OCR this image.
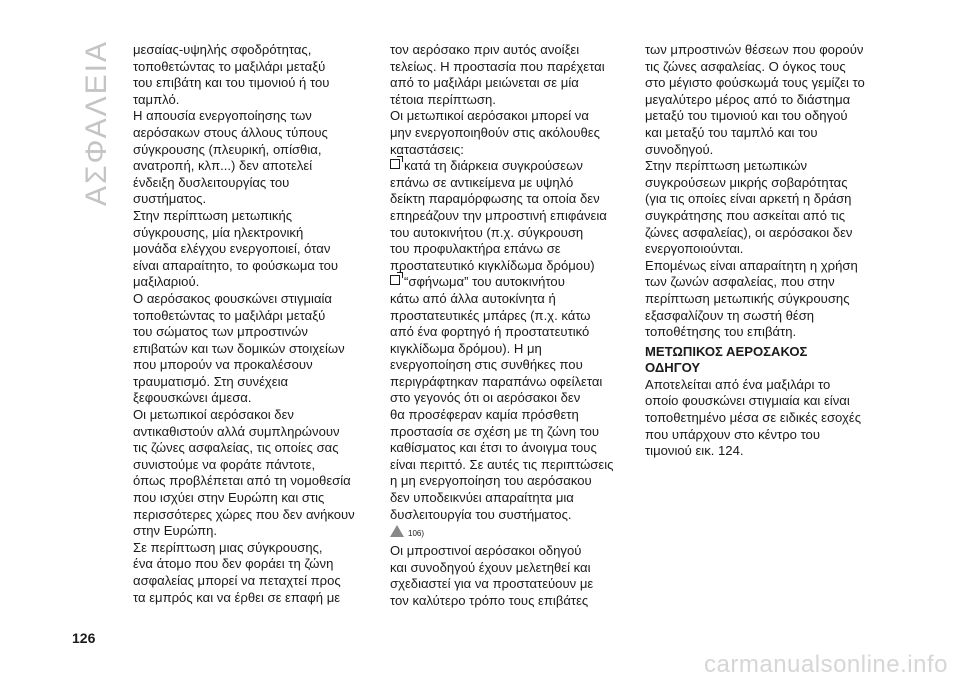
ΑΣΦΑΛΕΙΑ μεσαίας-υψηλής σφοδρότητας,

τοποθετώντας το μαξιλάρι μεταξύ

του επιβάτη και του τιμονιού ή του

ταμπλό.

Η απουσία ενεργοποίησης των

αερόσακων στους άλλους τύπους

σύγκρουσης (πλευρική, οπίσθια,

ανατροπή, κλπ...) δεν αποτελεί

ένδειξη δυσλειτουργίας του

συστήματος.

Στην περίπτωση μετωπικής

σύγκρουσης, μία ηλεκτρονική

μονάδα ελέγχου ενεργοποιεί, όταν

είναι απαραίτητο, το φούσκωμα του

μαξιλαριού.

Ο αερόσακος φουσκώνει στιγμιαία

τοποθετώντας το μαξιλάρι μεταξύ

του σώματος των μπροστινών

επιβατών και των δομικών στοιχείων

που μπορούν να προκαλέσουν

τραυματισμό. Στη συνέχεια

ξεφουσκώνει άμεσα.

Οι μετωπικοί αερόσακοι δεν

αντικαθιστούν αλλά συμπληρώνουν

τις ζώνες ασφαλείας, τις οποίες σας

συνιστούμε να φοράτε πάντοτε,

όπως προβλέπεται από τη νομοθεσία

που ισχύει στην Ευρώπη και στις

περισσότερες χώρες που δεν ανήκουν

στην Ευρώπη.

Σε περίπτωση μιας σύγκρουσης,

ένα άτομο που δεν φοράει τη ζώνη

ασφαλείας μπορεί να πεταχτεί προς

τα εμπρός και να έρθει σε επαφή με

τον αερόσακο πριν αυτός ανοίξει

τελείως. Η προστασία που παρέχεται

από το μαξιλάρι μειώνεται σε μία

τέτοια περίπτωση.

Οι μετωπικοί αερόσακοι μπορεί να

μην ενεργοποιηθούν στις ακόλουθες

καταστάσεις:

κατά τη διάρκεια συγκρούσεων

επάνω σε αντικείμενα με υψηλό

δείκτη παραμόρφωσης τα οποία δεν

επηρεάζουν την μπροστινή επιφάνεια

του αυτοκινήτου (π.χ. σύγκρουση

του προφυλακτήρα επάνω σε

προστατευτικό κιγκλίδωμα δρόμου)

“σφήνωμα” του αυτοκινήτου

κάτω από άλλα αυτοκίνητα ή

προστατευτικές μπάρες (π.χ. κάτω

από ένα φορτηγό ή προστατευτικό

κιγκλίδωμα δρόμου). Η μη

ενεργοποίηση στις συνθήκες που

περιγράφτηκαν παραπάνω οφείλεται

στο γεγονός ότι οι αερόσακοι δεν

θα προσέφεραν καμία πρόσθετη

προστασία σε σχέση με τη ζώνη του

καθίσματος και έτσι το άνοιγμα τους

είναι περιττό. Σε αυτές τις περιπτώσεις

η μη ενεργοποίηση του αερόσακου

δεν υποδεικνύει απαραίτητα μια

δυσλειτουργία του συστήματος.

106)

Οι μπροστινοί αερόσακοι οδηγού

και συνοδηγού έχουν μελετηθεί και

σχεδιαστεί για να προστατεύουν με

τον καλύτερο τρόπο τους επιβάτες

των μπροστινών θέσεων που φορούν

τις ζώνες ασφαλείας. Ο όγκος τους

στο μέγιστο φούσκωμά τους γεμίζει το

μεγαλύτερο μέρος από το διάστημα

μεταξύ του τιμονιού και του οδηγού

και μεταξύ του ταμπλό και του

συνοδηγού.

Στην περίπτωση μετωπικών

συγκρούσεων μικρής σοβαρότητας

(για τις οποίες είναι αρκετή η δράση

συγκράτησης που ασκείται από τις

ζώνες ασφαλείας), οι αερόσακοι δεν

ενεργοποιούνται.

Επομένως είναι απαραίτητη η χρήση

των ζωνών ασφαλείας, που στην

περίπτωση μετωπικής σύγκρουσης

εξασφαλίζουν τη σωστή θέση

τοποθέτησης του επιβάτη.

ΜΕΤΩΠΙΚΟΣ ΑΕΡΟΣΑΚΟΣ

ΟΔΗΓΟΥ

Αποτελείται από ένα μαξιλάρι το

οποίο φουσκώνει στιγμιαία και είναι

τοποθετημένο μέσα σε ειδικές εσοχές

που υπάρχουν στο κέντρο του

τιμονιού εικ. 124.

126
carmanualsonline.info
